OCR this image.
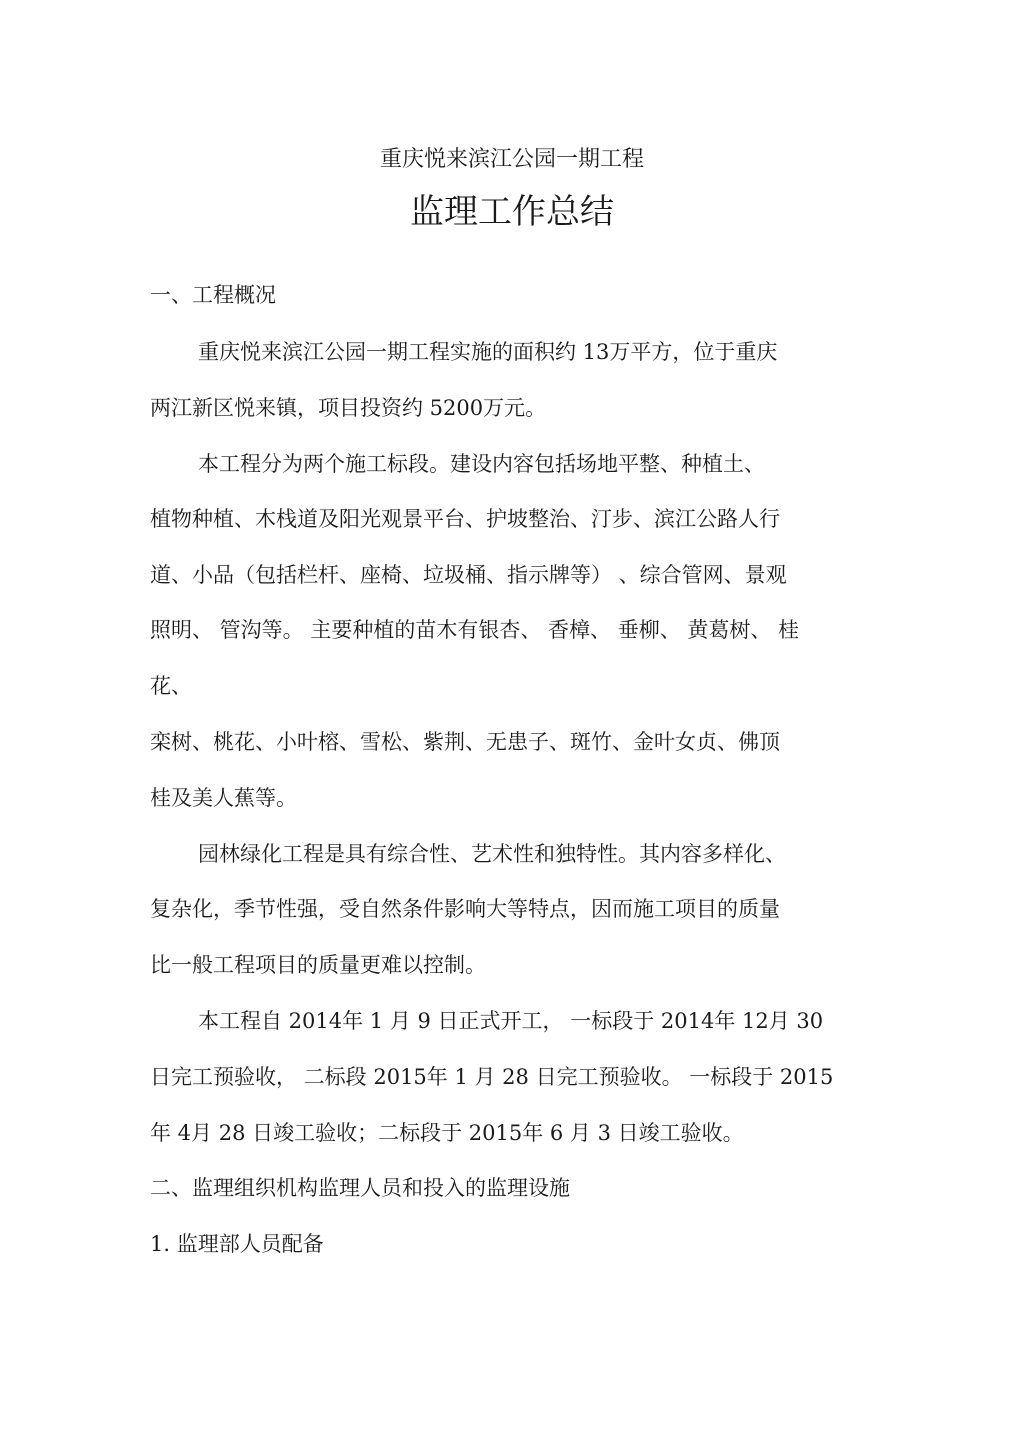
重庆悦来滨江公园一期工程
监理工作总结
一、工程概况
重庆悦来滨江公园一期工程实施的面积约 13万平方，位于重庆
两江新区悦来镇，项目投资约 5200万元。
本工程分为两个施工标段。建设内容包括场地平整、种植土、
植物种植、木栈道及阳光观景平台、护坡整治、汀步、滨江公路人行
道、小品（包括栏杆、座椅、垃圾桶、指示牌等） 、综合管网、景观
照明、 管沟等。 主要种植的苗木有银杏、 香樟、 垂柳、 黄葛树、 桂
花、
栾树、桃花、小叶榕、雪松、紫荆、无患子、斑竹、金叶女贞、佛顶
桂及美人蕉等。
园林绿化工程是具有综合性、艺术性和独特性。其内容多样化、
复杂化，季节性强，受自然条件影响大等特点，因而施工项目的质量
比一般工程项目的质量更难以控制。
本工程自 2014年 1 月 9 日正式开工， 一标段于 2014年 12月 30
日完工预验收， 二标段 2015年 1 月 28 日完工预验收。 一标段于 2015
年 4月 28 日竣工验收；二标段于 2015年 6 月 3 日竣工验收。
二、监理组织机构监理人员和投入的监理设施
1. 监理部人员配备
